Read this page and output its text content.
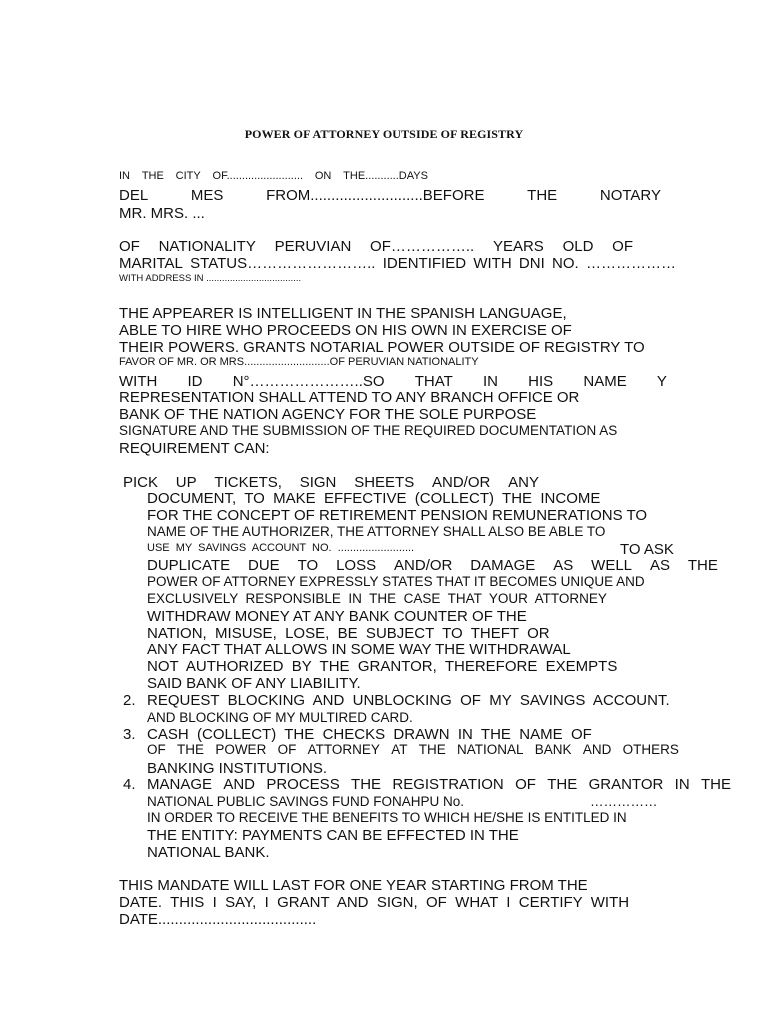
POWER OF ATTORNEY OUTSIDE OF REGISTRY
IN THE CITY OF......................... ON THE...........DAYS
DEL	MES	FROM...........................BEFORE	THE	NOTARY
MR. MRS. ...
OF NATIONALITY PERUVIAN OF…………….. YEARS OLD OF
MARITAL STATUS…………………….. IDENTIFIED WITH DNI NO. ………………
WITH ADDRESS IN ....................................
THE APPEARER IS INTELLIGENT IN THE SPANISH LANGUAGE,
ABLE TO HIRE WHO PROCEEDS ON HIS OWN IN EXERCISE OF
THEIR POWERS. GRANTS NOTARIAL POWER OUTSIDE OF REGISTRY TO
FAVOR OF MR. OR MRS............................OF PERUVIAN NATIONALITY
WITH ID N°…………………..SO THAT IN HIS NAME Y
REPRESENTATION SHALL ATTEND TO ANY BRANCH OFFICE OR
BANK OF THE NATION AGENCY FOR THE SOLE PURPOSE
SIGNATURE AND THE SUBMISSION OF THE REQUIRED DOCUMENTATION AS
REQUIREMENT CAN:
PICK UP TICKETS, SIGN SHEETS AND/OR ANY
DOCUMENT,  TO  MAKE  EFFECTIVE  (COLLECT)  THE  INCOME
FOR THE CONCEPT OF RETIREMENT PENSION REMUNERATIONS TO
NAME OF THE AUTHORIZER, THE ATTORNEY SHALL ALSO BE ABLE TO
USE  MY  SAVINGS  ACCOUNT  NO.  .........................	TO ASK
DUPLICATE DUE TO LOSS AND/OR DAMAGE AS WELL AS THE
POWER OF ATTORNEY EXPRESSLY STATES THAT IT BECOMES UNIQUE AND
EXCLUSIVELY  RESPONSIBLE  IN  THE  CASE  THAT  YOUR  ATTORNEY
WITHDRAW MONEY AT ANY BANK COUNTER OF THE
NATION,  MISUSE,  LOSE,  BE  SUBJECT  TO  THEFT  OR
ANY FACT THAT ALLOWS IN SOME WAY THE WITHDRAWAL
NOT  AUTHORIZED  BY  THE  GRANTOR,  THEREFORE  EXEMPTS
SAID BANK OF ANY LIABILITY.
2. REQUEST  BLOCKING  AND  UNBLOCKING  OF  MY  SAVINGS  ACCOUNT.
AND BLOCKING OF MY MULTIRED CARD.
3. CASH  (COLLECT)  THE  CHECKS  DRAWN  IN  THE  NAME  OF
OF THE POWER OF ATTORNEY AT THE NATIONAL BANK AND OTHERS
BANKING INSTITUTIONS.
4. MANAGE AND PROCESS THE REGISTRATION OF THE GRANTOR IN THE
NATIONAL PUBLIC SAVINGS FUND FONAHPU No.	……………
IN ORDER TO RECEIVE THE BENEFITS TO WHICH HE/SHE IS ENTITLED IN
THE ENTITY: PAYMENTS CAN BE EFFECTED IN THE
NATIONAL BANK.
THIS MANDATE WILL LAST FOR ONE YEAR STARTING FROM THE
DATE.  THIS  I  SAY,  I  GRANT  AND  SIGN,  OF  WHAT  I  CERTIFY  WITH
DATE......................................
